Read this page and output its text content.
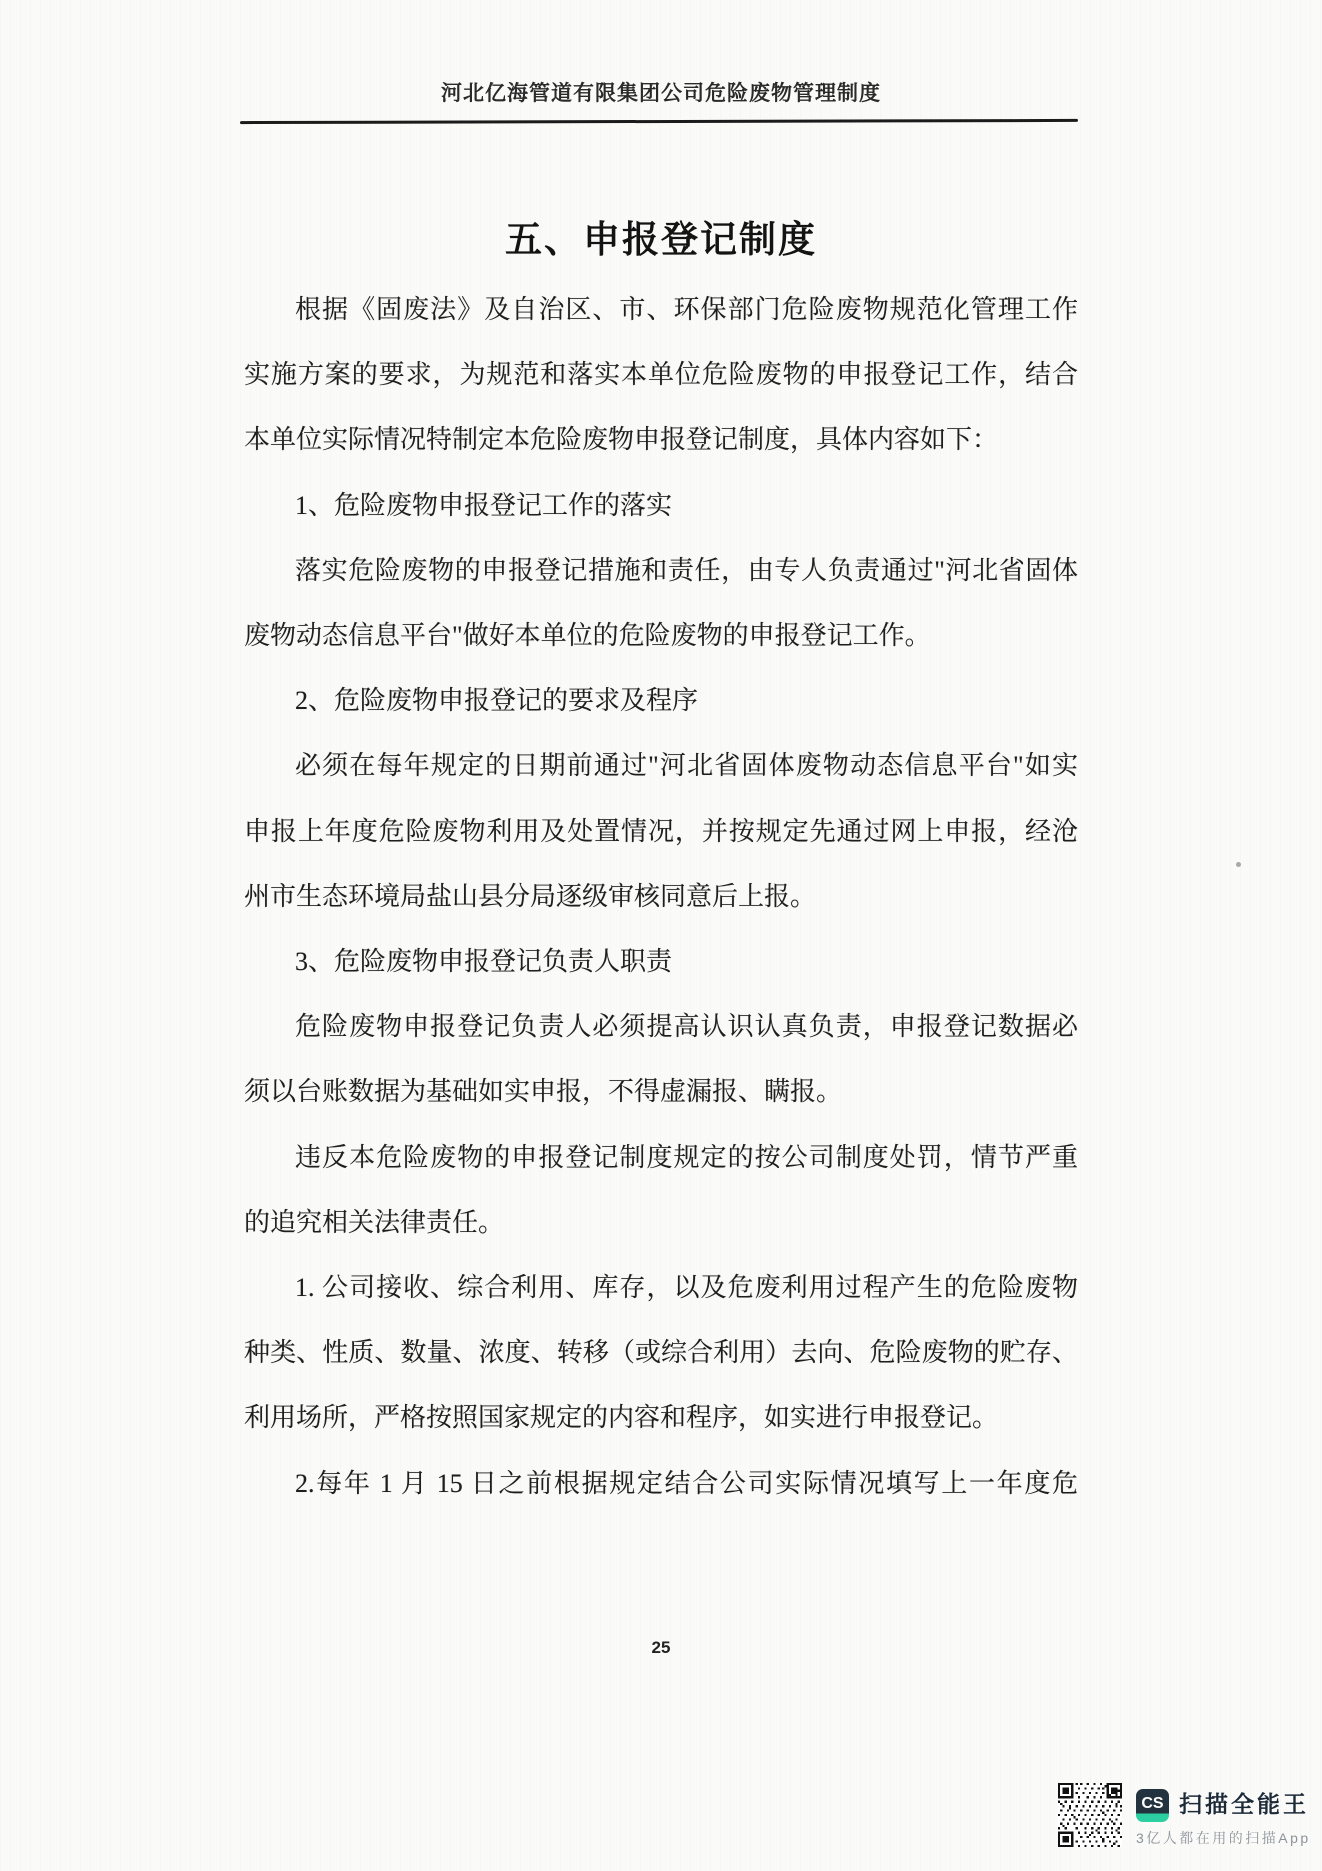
河北亿海管道有限集团公司危险废物管理制度
五、申报登记制度
根据《固废法》及自治区、市、环保部门危险废物规范化管理工作
实施方案的要求，为规范和落实本单位危险废物的申报登记工作，结合
本单位实际情况特制定本危险废物申报登记制度，具体内容如下：
1、危险废物申报登记工作的落实
落实危险废物的申报登记措施和责任，由专人负责通过"河北省固体
废物动态信息平台"做好本单位的危险废物的申报登记工作。
2、危险废物申报登记的要求及程序
必须在每年规定的日期前通过"河北省固体废物动态信息平台"如实
申报上年度危险废物利用及处置情况，并按规定先通过网上申报，经沧
州市生态环境局盐山县分局逐级审核同意后上报。
3、危险废物申报登记负责人职责
危险废物申报登记负责人必须提高认识认真负责，申报登记数据必
须以台账数据为基础如实申报，不得虚漏报、瞒报。
违反本危险废物的申报登记制度规定的按公司制度处罚，情节严重
的追究相关法律责任。
1. 公司接收、综合利用、库存，以及危废利用过程产生的危险废物
种类、性质、数量、浓度、转移（或综合利用）去向、危险废物的贮存、
利用场所，严格按照国家规定的内容和程序，如实进行申报登记。
2.每年 1 月 15 日之前根据规定结合公司实际情况填写上一年度危
25
CS 扫描全能王
3亿人都在用的扫描App
